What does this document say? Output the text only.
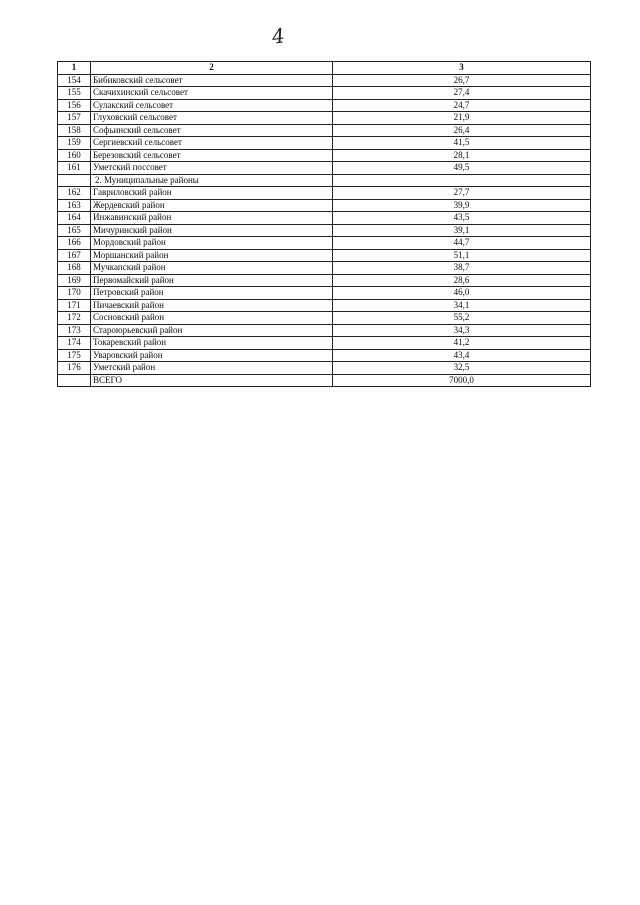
4
1	2	3
154	Бибиковский сельсовет	26,7
155	Скачихинский сельсовет	27,4
156	Сулакский сельсовет	24,7
157	Глуховский сельсовет	21,9
158	Софьинский сельсовет	26,4
159	Сергиевский сельсовет	41,5
160	Березовский сельсовет	28,1
161	Уметский поссовет	49,5
	2. Муниципальные районы	
162	Гавриловский район	27,7
163	Жердевский район	39,9
164	Инжавинский район	43,5
165	Мичуринский район	39,1
166	Мордовский район	44,7
167	Моршанский район	51,1
168	Мучкапский район	38,7
169	Первомайский район	28,6
170	Петровский район	46,0
171	Пичаевский район	34,1
172	Сосновский район	55,2
173	Староюрьевский район	34,3
174	Токаревский район	41,2
175	Уваровский район	43,4
176	Уметский район	32,5
	ВСЕГО	7000,0
